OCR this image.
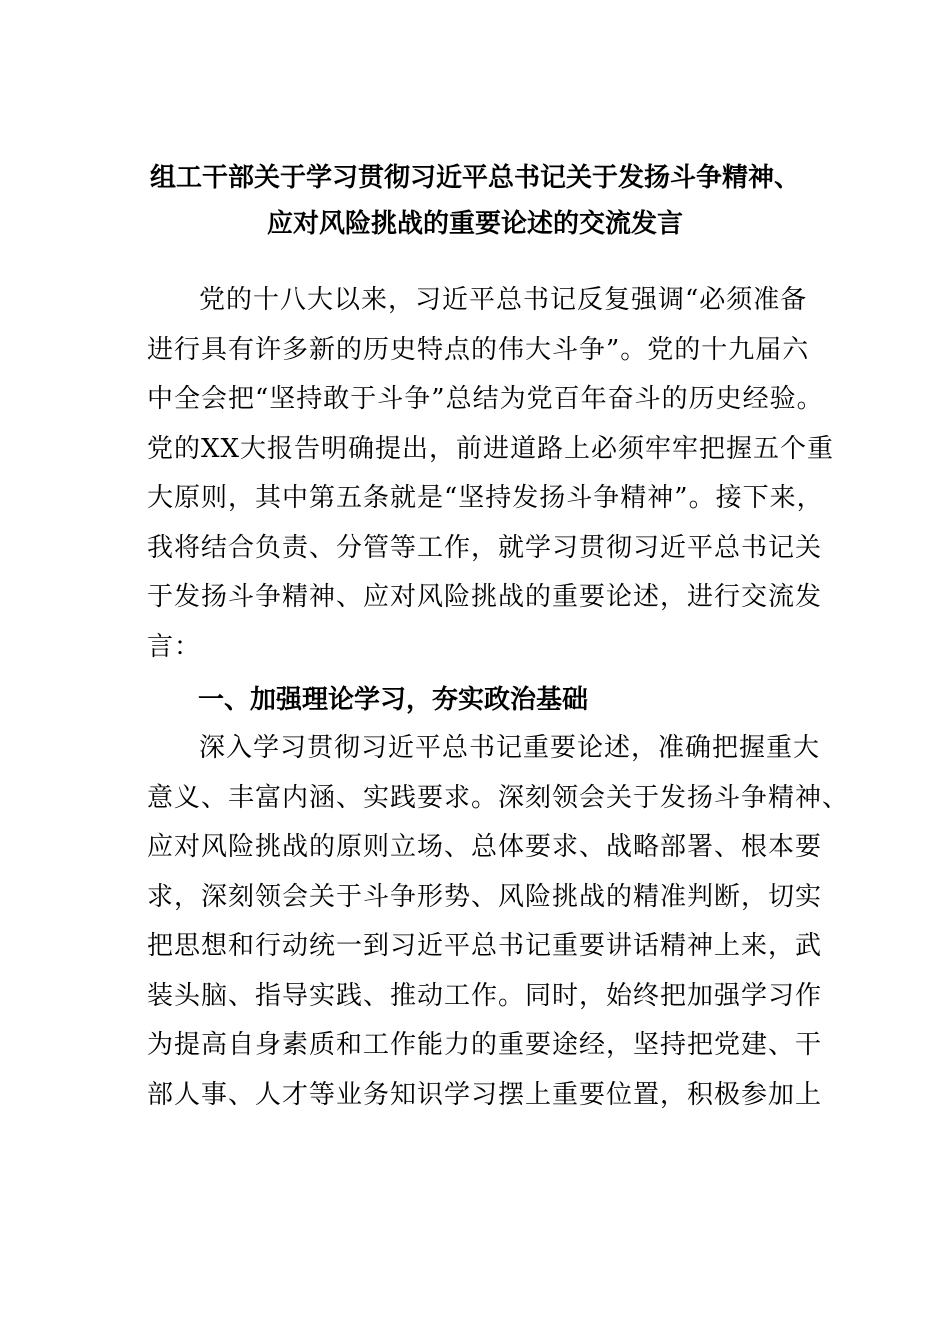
组工干部关于学习贯彻习近平总书记关于发扬斗争精神、
应对风险挑战的重要论述的交流发言
党的十八大以来，习近平总书记反复强调“必须准备
进行具有许多新的历史特点的伟大斗争”。党的十九届六
中全会把“坚持敢于斗争”总结为党百年奋斗的历史经验。
党的XX大报告明确提出，前进道路上必须牢牢把握五个重
大原则，其中第五条就是“坚持发扬斗争精神”。接下来，
我将结合负责、分管等工作，就学习贯彻习近平总书记关
于发扬斗争精神、应对风险挑战的重要论述，进行交流发
言：
一、加强理论学习，夯实政治基础
深入学习贯彻习近平总书记重要论述，准确把握重大
意义、丰富内涵、实践要求。深刻领会关于发扬斗争精神、
应对风险挑战的原则立场、总体要求、战略部署、根本要
求，深刻领会关于斗争形势、风险挑战的精准判断，切实
把思想和行动统一到习近平总书记重要讲话精神上来，武
装头脑、指导实践、推动工作。同时，始终把加强学习作
为提高自身素质和工作能力的重要途经，坚持把党建、干
部人事、人才等业务知识学习摆上重要位置，积极参加上
